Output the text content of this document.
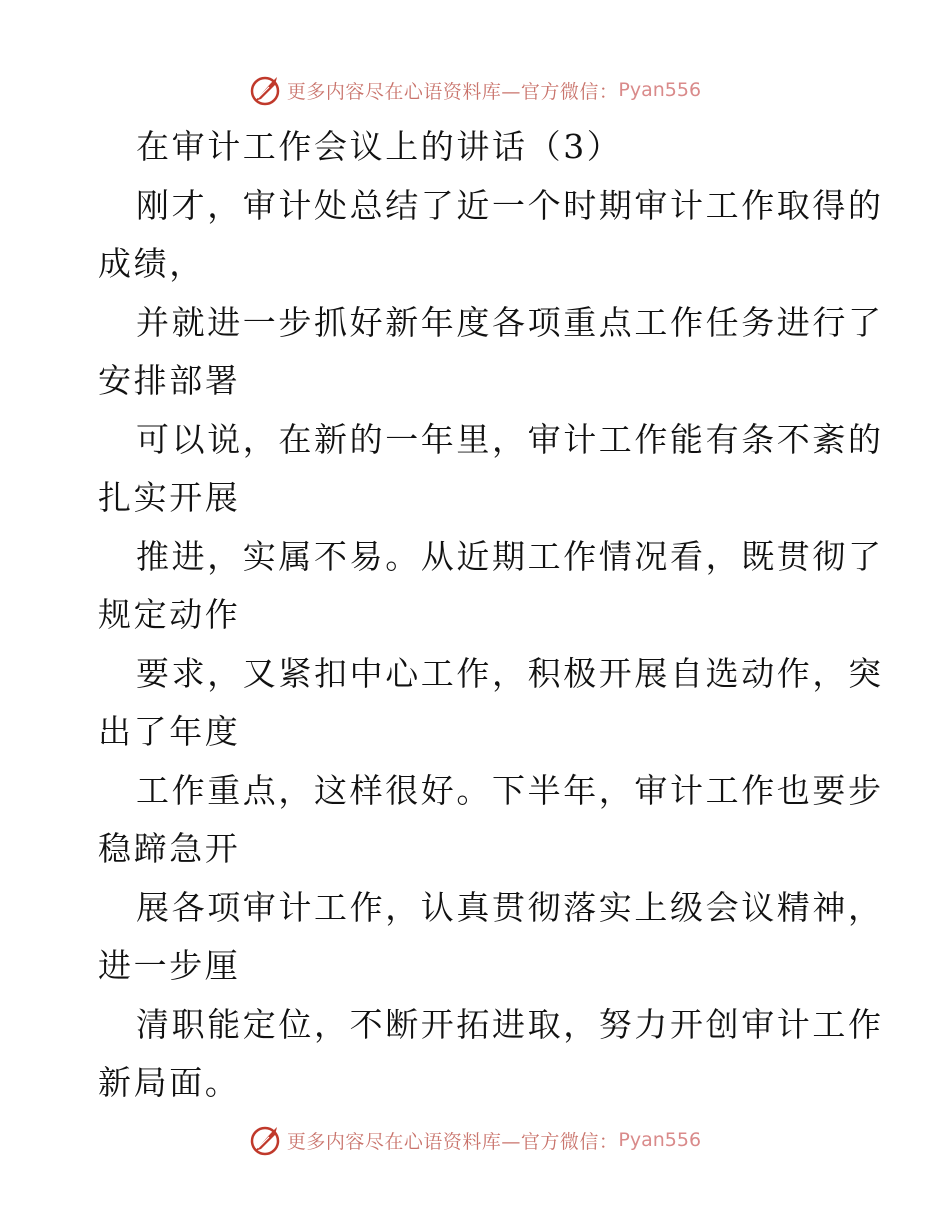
更多内容尽在心语资料库—官方微信： Pyan556
在审计工作会议上的讲话（3）
刚才，审计处总结了近一个时期审计工作取得的
成绩，
并就进一步抓好新年度各项重点工作任务进行了
安排部署
可以说，在新的一年里，审计工作能有条不紊的
扎实开展
推进，实属不易。从近期工作情况看，既贯彻了
规定动作
要求，又紧扣中心工作，积极开展自选动作，突
出了年度
工作重点，这样很好。下半年，审计工作也要步
稳蹄急开
展各项审计工作，认真贯彻落实上级会议精神，
进一步厘
清职能定位，不断开拓进取，努力开创审计工作
新局面。
更多内容尽在心语资料库—官方微信： Pyan556
